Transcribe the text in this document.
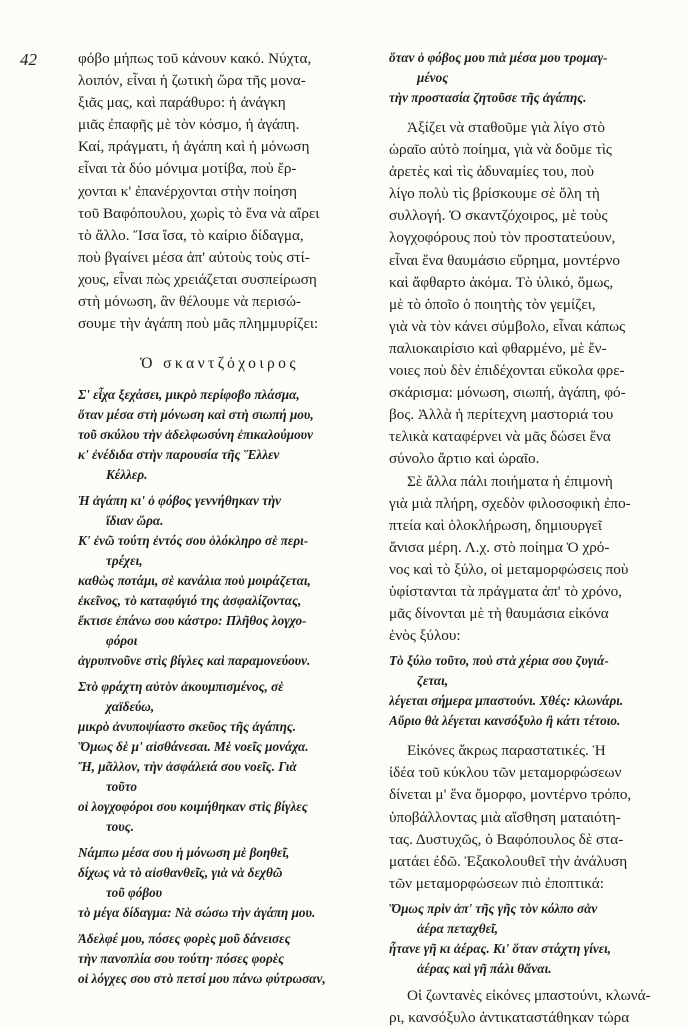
42	φόβο μήπως τοῦ κάνουν κακό. Νύχτα,
λοιπόν, εἶναι ἡ ζωτικὴ ὥρα τῆς μονα-
ξιᾶς μας, καὶ παράθυρο: ἡ ἀνάγκη
μιᾶς ἐπαφῆς μὲ τὸν κόσμο, ἡ ἀγάπη.
Καί, πράγματι, ἡ ἀγάπη καὶ ἡ μόνωση
εἶναι τὰ δύο μόνιμα μοτίβα, ποὺ ἔρ-
χονται κ' ἐπανέρχονται στὴν ποίηση
τοῦ Βαφόπουλου, χωρὶς τὸ ἕνα νὰ αἴρει
τὸ ἄλλο. Ἴσα ἴσα, τὸ καίριο δίδαγμα,
ποὺ βγαίνει μέσα ἀπ' αὐτοὺς τοὺς στί-
χους, εἶναι πὼς χρειάζεται συσπείρωση
στὴ μόνωση, ἂν θέλουμε νὰ περισώ-
σουμε τὴν ἀγάπη ποὺ μᾶς πλημμυρίζει:
Ὁ σκαντζόχοιρος
Σ' εἶχα ξεχάσει, μικρὸ περίφοβο πλάσμα,
ὅταν μέσα στὴ μόνωση καὶ στὴ σιωπή μου,
τοῦ σκύλου τὴν ἀδελφωσύνη ἐπικαλούμουν
κ' ἐνέδιδα στὴν παρουσία τῆς Ἕλλεν
Κέλλερ.
Ἡ ἀγάπη κι' ὁ φόβος γεννήθηκαν τὴν
ἴδιαν ὥρα.
Κ' ἐνῶ τούτη ἐντός σου ὁλόκληρο σὲ περι-
τρέχει,
καθὼς ποτάμι, σὲ κανάλια ποὺ μοιράζεται,
ἐκεῖνος, τὸ καταφύγιό της ἀσφαλίζοντας,
ἔκτισε ἐπάνω σου κάστρο: Πλῆθος λογχο-
φόροι
ἀγρυπνοῦνε στὶς βίγλες καὶ παραμονεύουν.
Στὸ φράχτη αὐτὸν ἀκουμπισμένος, σὲ
χαϊδεύω,
μικρὸ ἀνυποψίαστο σκεῦος τῆς ἀγάπης.
Ὅμως δὲ μ' αἰσθάνεσαι. Μὲ νοεῖς μονάχα.
Ἤ, μᾶλλον, τὴν ἀσφάλειά σου νοεῖς. Γιὰ
τοῦτο
οἱ λογχοφόροι σου κοιμήθηκαν στὶς βίγλες
τους.
Νάμπω μέσα σου ἡ μόνωση μὲ βοηθεῖ,
δίχως νὰ τὸ αἰσθανθεῖς, γιὰ νὰ δεχθῶ
τοῦ φόβου
τὸ μέγα δίδαγμα: Νὰ σώσω τὴν ἀγάπη μου.
Ἀδελφέ μου, πόσες φορὲς μοῦ δάνεισες
τὴν πανοπλία σου τούτη· πόσες φορὲς
οἱ λόγχες σου στὸ πετσί μου πάνω φύτρωσαν,
ὅταν ὁ φόβος μου πιὰ μέσα μου τρομαγ-
μένος
τὴν προστασία ζητοῦσε τῆς ἀγάπης.
Ἀξίζει νὰ σταθοῦμε γιὰ λίγο στὸ
ὡραῖο αὐτὸ ποίημα, γιὰ νὰ δοῦμε τὶς
ἀρετὲς καὶ τὶς ἀδυναμίες του, ποὺ
λίγο πολὺ τὶς βρίσκουμε σὲ ὅλη τὴ
συλλογή. Ὁ σκαντζόχοιρος, μὲ τοὺς
λογχοφόρους ποὺ τὸν προστατεύουν,
εἶναι ἕνα θαυμάσιο εὕρημα, μοντέρνο
καὶ ἄφθαρτο ἀκόμα. Τὸ ὑλικό, ὅμως,
μὲ τὸ ὁποῖο ὁ ποιητὴς τὸν γεμίζει,
γιὰ νὰ τὸν κάνει σύμβολο, εἶναι κάπως
παλιοκαιρίσιο καὶ φθαρμένο, μὲ ἔν-
νοιες ποὺ δὲν ἐπιδέχονται εὔκολα φρε-
σκάρισμα: μόνωση, σιωπή, ἀγάπη, φό-
βος. Ἀλλὰ ἡ περίτεχνη μαστοριά του
τελικὰ καταφέρνει νὰ μᾶς δώσει ἕνα
σύνολο ἄρτιο καὶ ὡραῖο.
Σὲ ἄλλα πάλι ποιήματα ἡ ἐπιμονὴ
γιὰ μιὰ πλήρη, σχεδὸν φιλοσοφικὴ ἐπο-
πτεία καὶ ὁλοκλήρωση, δημιουργεῖ
ἄνισα μέρη. Λ.χ. στὸ ποίημα Ὁ χρό-
νος καὶ τὸ ξύλο, οἱ μεταμορφώσεις ποὺ
ὑφίστανται τὰ πράγματα ἀπ' τὸ χρόνο,
μᾶς δίνονται μὲ τὴ θαυμάσια εἰκόνα
ἑνὸς ξύλου:
Τὸ ξύλο τοῦτο, ποὺ στὰ χέρια σου ζυγιά-
ζεται,
λέγεται σήμερα μπαστούνι. Χθές: κλωνάρι.
Αὔριο θὰ λέγεται κανσόξυλο ἢ κάτι τέτοιο.
Εἰκόνες ἄκρως παραστατικές. Ἡ
ἰδέα τοῦ κύκλου τῶν μεταμορφώσεων
δίνεται μ' ἕνα ὄμορφο, μοντέρνο τρόπο,
ὑποβάλλοντας μιὰ αἴσθηση ματαιότη-
τας. Δυστυχῶς, ὁ Βαφόπουλος δὲ στα-
ματάει ἐδῶ. Ἐξακολουθεῖ τὴν ἀνάλυση
τῶν μεταμορφώσεων πιὸ ἐποπτικά:
Ὅμως πρὶν ἀπ' τῆς γῆς τὸν κόλπο σὰν
ἀέρα πεταχθεῖ,
ἦτανε γῆ κι ἀέρας. Κι' ὅταν στάχτη γίνει,
ἀέρας καὶ γῆ πάλι θἄναι.
Οἱ ζωντανὲς εἰκόνες μπαστούνι, κλωνά-
ρι, κανσόξυλο ἀντικαταστάθηκαν τώρα
